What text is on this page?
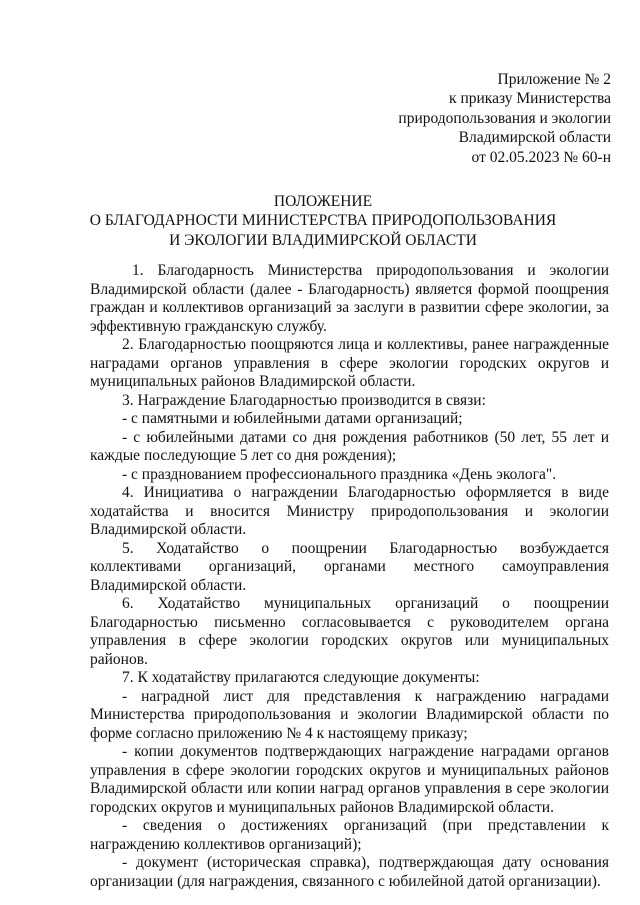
Приложение № 2
к приказу Министерства
природопользования и экологии
Владимирской области
от 02.05.2023 № 60-н
ПОЛОЖЕНИЕ
О БЛАГОДАРНОСТИ МИНИСТЕРСТВА ПРИРОДОПОЛЬЗОВАНИЯ
И ЭКОЛОГИИ ВЛАДИМИРСКОЙ ОБЛАСТИ

1. Благодарность Министерства природопользования и экологии Владимирской области (далее - Благодарность) является формой поощрения граждан и коллективов организаций за заслуги в развитии сфере экологии, за эффективную гражданскую службу.

2. Благодарностью поощряются лица и коллективы, ранее награжденные наградами органов управления в сфере экологии городских округов и муниципальных районов Владимирской области.

3. Награждение Благодарностью производится в связи:

- с памятными и юбилейными датами организаций;

- с юбилейными датами со дня рождения работников (50 лет, 55 лет и каждые последующие 5 лет со дня рождения);

- с празднованием профессионального праздника «День эколога".

4. Инициатива о награждении Благодарностью оформляется в виде ходатайства и вносится Министру природопользования и экологии Владимирской области.

5. Ходатайство о поощрении Благодарностью возбуждается коллективами организаций, органами местного самоуправления Владимирской области.

6. Ходатайство муниципальных организаций о поощрении Благодарностью письменно согласовывается с руководителем органа управления в сфере экологии городских округов или муниципальных районов.

7. К ходатайству прилагаются следующие документы:

- наградной лист для представления к награждению наградами Министерства природопользования и экологии Владимирской области по форме согласно приложению № 4 к настоящему приказу;

- копии документов подтверждающих награждение наградами органов управления в сфере экологии городских округов и муниципальных районов Владимирской области или копии наград органов управления в сере экологии городских округов и муниципальных районов Владимирской области.

- сведения о достижениях организаций (при представлении к награждению коллективов организаций);

- документ (историческая справка), подтверждающая дату основания организации (для награждения, связанного с юбилейной датой организации).
